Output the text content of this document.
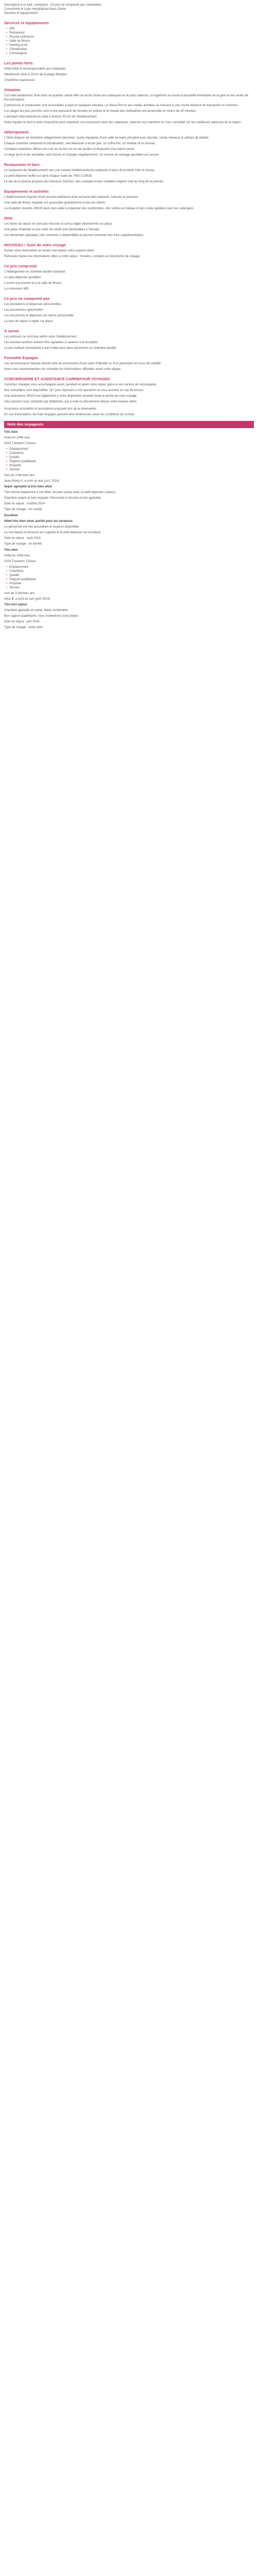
Description à ce tarif, comprend : Ce prix ne comprend pas l'annulation

Consommé le Logo Hospitalized Nous Dame

Services et équipements

Services et équipements
• Wifi
• Restaurant
• Piscine extérieure
• Salle de fitness
• Parking privé
• Climatisation
• Conciergerie
Les points forts

Hôtel idéal et écoresponsable aux calanques

Idéalement situé à 15 km de la plage Morgiou

Chambres spacieuses

Situation

Cet hôtel idéalement situé dans un quartier calme offre un accès facile aux calanques et au parc national. Le logement se trouve à proximité immédiate de la gare et des arrêts de bus principaux.

Commerces et restaurants sont accessibles à pied en quelques minutes. Le Vieux-Port et ses ruelles animées se trouvent à une courte distance en transports en commun.

Les plages les plus proches sont à une quinzaine de minutes en voiture et le musée des civilisations est accessible en moins de 20 minutes.

L'aéroport international est situé à environ 30 km de l'établissement.

Notre équipe se tient à votre disposition pour organiser vos excursions dans les calanques, réserver vos transferts et vous conseiller sur les meilleures adresses de la région.

Hébergement

L'hôtel dispose de chambres élégamment décorées, toutes équipées d'une salle de bains privative avec douche, sèche-cheveux et articles de toilette.

Chaque chambre comprend la climatisation, une télévision à écran plat, un coffre-fort, un minibar et un bureau.

Certaines chambres offrent une vue sur la mer ou sur les jardins et disposent d'un balcon privé.

Le linge de lit et les serviettes sont fournis et changés régulièrement. Un service de ménage quotidien est assuré.

Restaurants et bars

Le restaurant de l'établissement sert une cuisine méditerranéenne préparée à base de produits frais et locaux.

Le petit-déjeuner buffet est servi chaque matin de 7h00 à 10h30.

Le bar de la piscine propose des boissons fraîches, des cocktails et des collations légères tout au long de la journée.

Équipements et activités

L'établissement dispose d'une piscine extérieure avec terrasse bien exposée, transats et parasols.

Une salle de fitness équipée est accessible gratuitement à tous les clients.

La réception ouverte 24h/24 peut vous aider à organiser des randonnées, des sorties en bateau et des visites guidées dans les calanques.

Note

Les taxes de séjour ne sont pas incluses et sont à régler directement sur place.

Une pièce d'identité et une carte de crédit sont demandées à l'arrivée.

Les demandes spéciales sont soumises à disponibilité et peuvent entraîner des frais supplémentaires.

NOUVEAU ! Suivi de votre voyage

Suivez votre réservation en temps réel depuis votre espace client.

Retrouvez toutes les informations utiles à votre séjour : horaires, contacts et documents de voyage.

Ce prix comprend

L'hébergement en chambre double standard

Le petit-déjeuner quotidien

L'accès à la piscine et à la salle de fitness

La connexion Wifi

Ce prix ne comprend pas

Les prestations et dépenses personnelles

Les assurances optionnelles

Les excursions et dépenses de nature personnelle

La taxe de séjour à régler sur place

À savoir

Les animaux ne sont pas admis dans l'établissement.

Les arrivées tardives doivent être signalées à l'avance à la réception.

Le prix indiqué correspond à une nuitée pour deux personnes en chambre double.

Formalité Espagne

Les ressortissants français doivent être en possession d'une carte d'identité ou d'un passeport en cours de validité.

Nous vous recommandons de consulter les informations officielles avant votre départ.

CONCIERGERIE ET ASSISTANCE CARREFOUR VOYAGES

Carrefour Voyages vous accompagne avant, pendant et après votre séjour grâce à son service de conciergerie.

Nos conseillers sont disponibles 7j/7 pour répondre à vos questions et vous assister en cas de besoin.

Une assistance 24h/24 est également à votre disposition pendant toute la durée de votre voyage.

Vous pouvez nous contacter par téléphone, par e-mail ou directement depuis votre espace client.

Assurance annulation et assistance proposée lors de la réservation.

En cas d'annulation, les frais engagés peuvent être remboursés selon les conditions du contrat.

Note des voyageurs

Très bien

Hotel en 2409 Avis

2024 Travelers' Choice

• Emplacement
• Chambres
• Qualité
• Rapport qualité/prix
• Propreté
• Service

Avis de 3 derniers ans

Jean-Rémy A. a écrit un avis (oct. 2024)

Super agréable et très bien situé

Très bonne expérience à cet hôtel. Accueil sympa avec un petit déjeuner copieux.

Chambre propre et bien équipée. Personnel à l'écoute et très agréable.

Date du séjour : octobre 2024

Type de voyage : en couple

Excellent

Hôtel très bien situé, parfait pour les vacances

Le personnel est très accueillant et toujours disponible.

La vue depuis la terrasse est superbe et le petit-déjeuner est excellent.

Date du séjour : août 2024

Type de voyage : en famille

Très bien

Hotel en 1854 Avis

2024 Travelers' Choice

• Emplacement
• Chambres
• Qualité
• Rapport qualité/prix
• Propreté
• Service

Avis de 3 derniers ans

Alice B. a écrit un avis (juin 2024)

Très bon séjour

Chambre agréable et calme, literie confortable.

Bon rapport qualité/prix, nous reviendrons avec plaisir.

Date du séjour : juin 2024

Type de voyage : entre amis
